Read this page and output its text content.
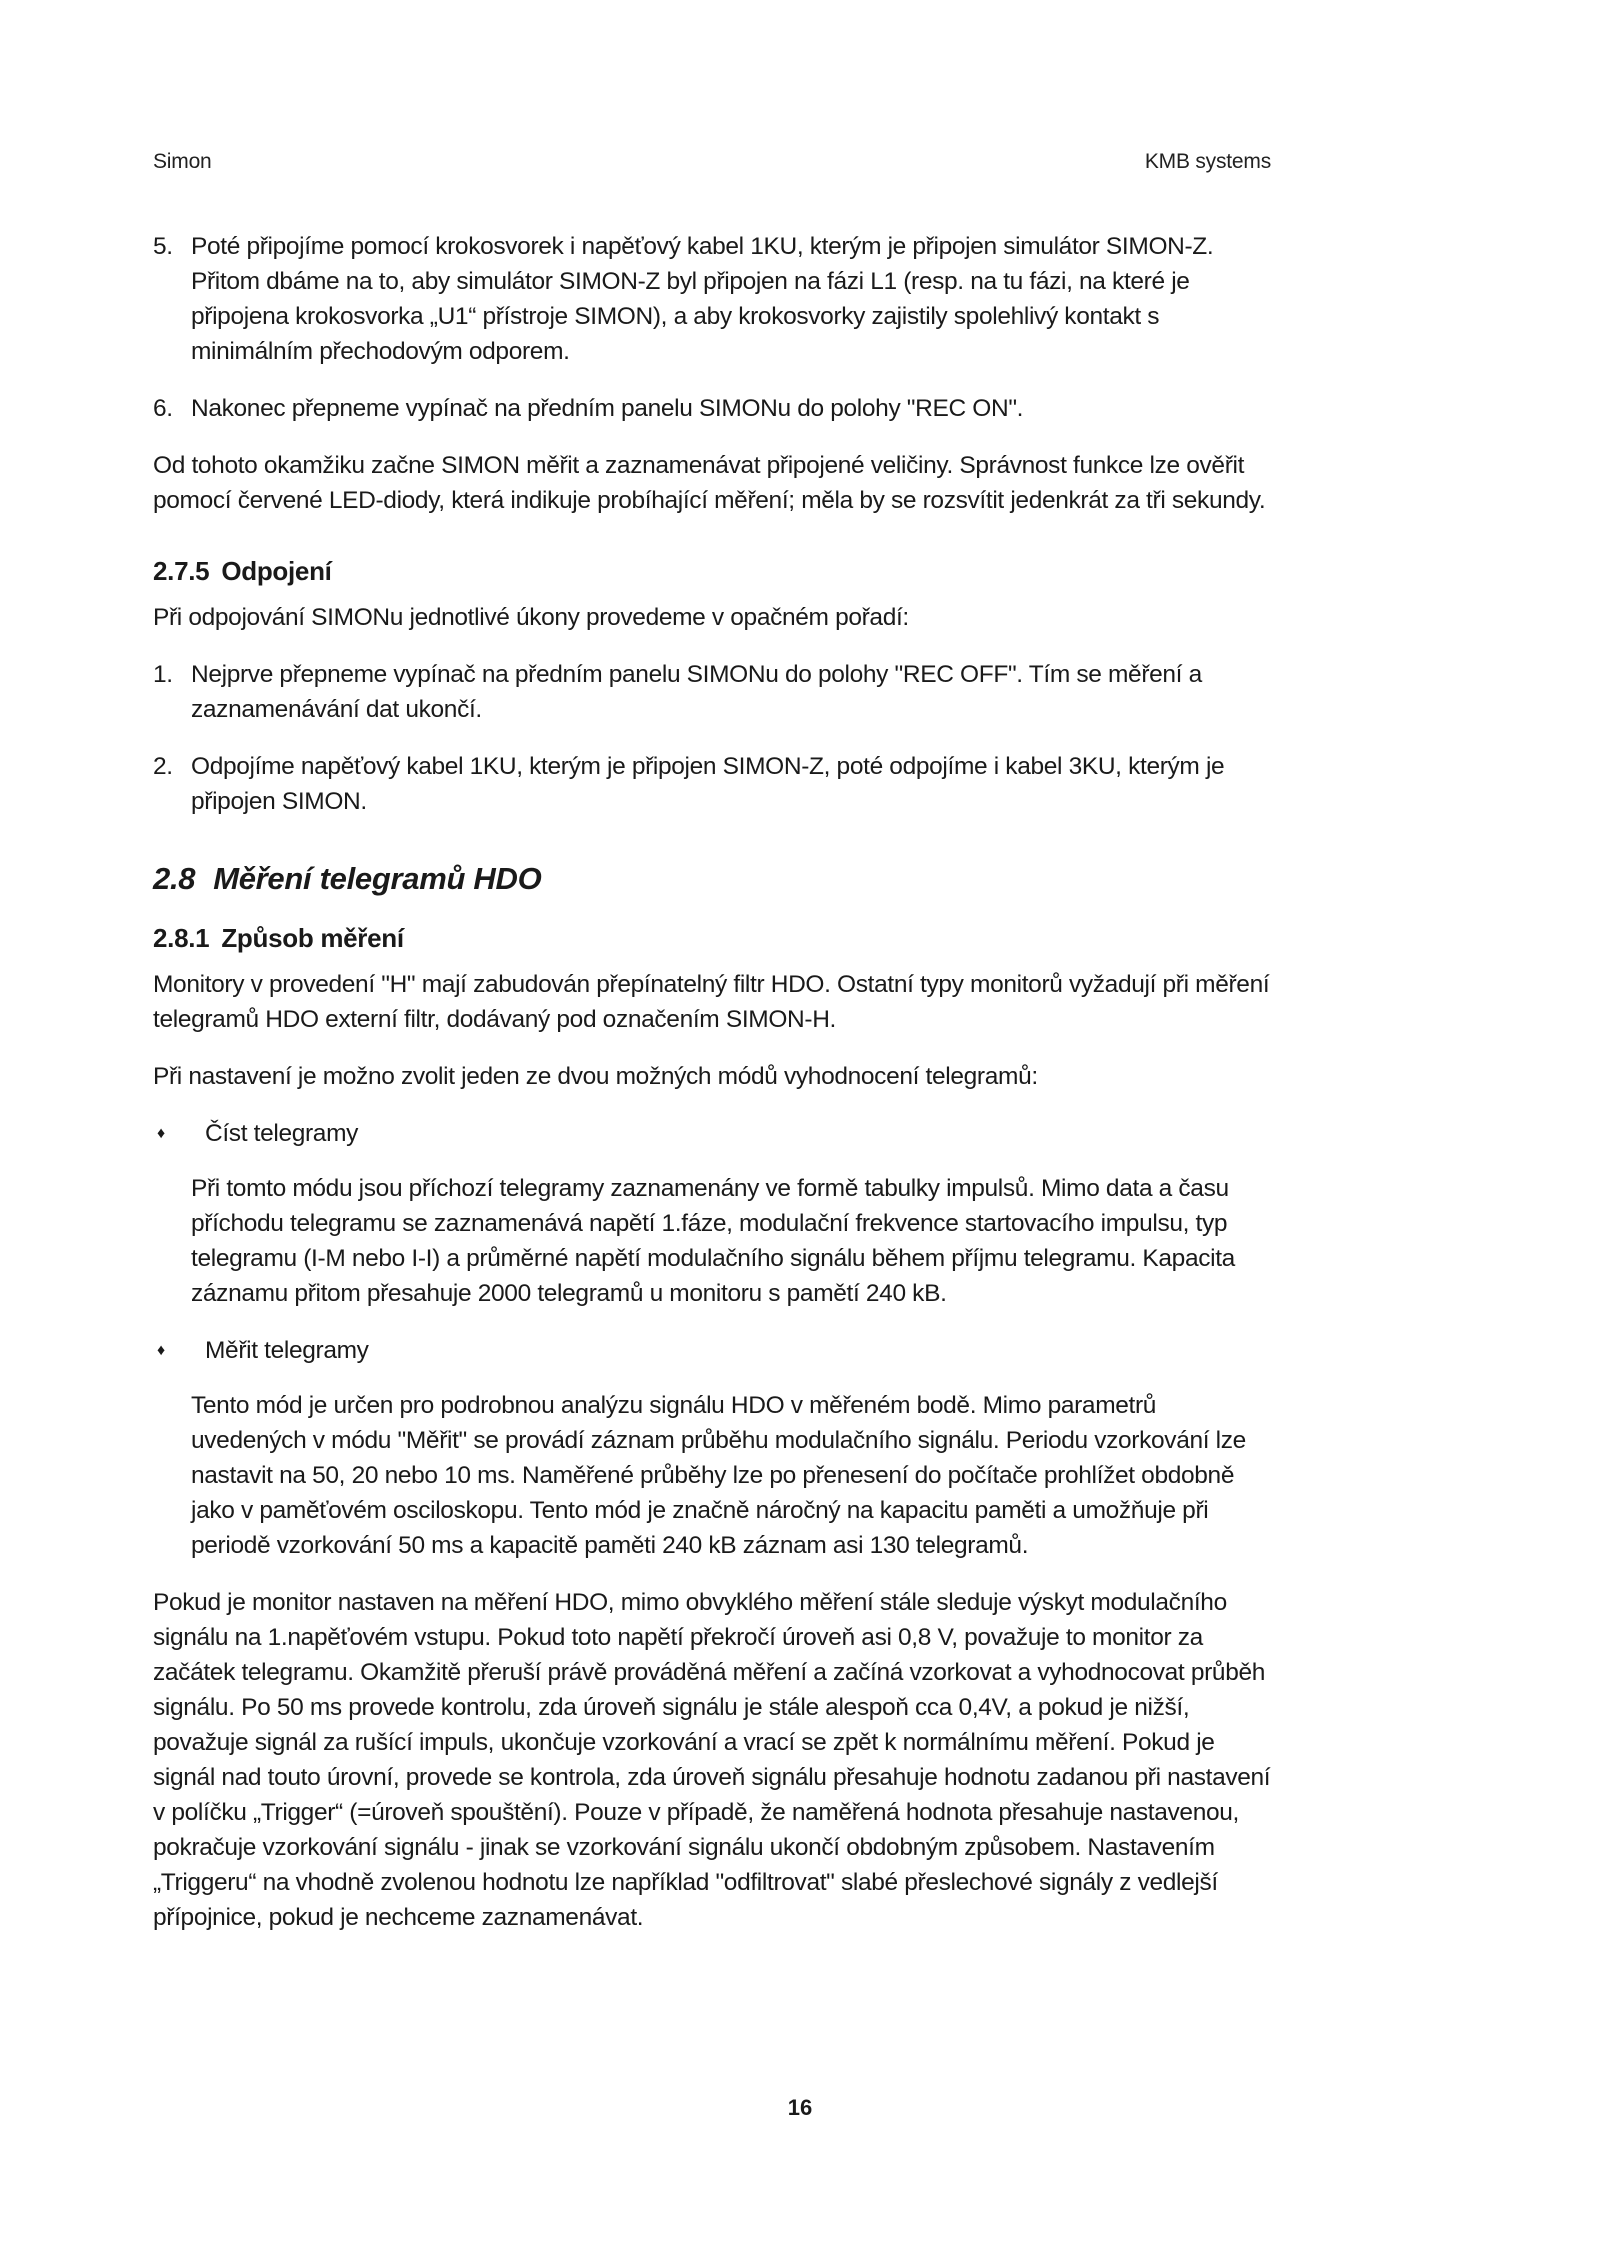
Simon	KMB systems
5. Poté připojíme pomocí krokosvorek i napěťový kabel 1KU, kterým je připojen simulátor SIMON-Z. Přitom dbáme na to, aby simulátor SIMON-Z byl připojen na fázi L1 (resp. na tu fázi, na které je připojena krokosvorka „U1“ přístroje SIMON), a aby krokosvorky zajistily spolehlivý kontakt s minimálním přechodovým odporem.
6. Nakonec přepneme vypínač na předním panelu SIMONu do polohy "REC ON".

Od tohoto okamžiku začne SIMON měřit a zaznamenávat připojené veličiny. Správnost funkce lze ověřit pomocí červené LED-diody, která indikuje probíhající měření; měla by se rozsvítit jedenkrát za tři sekundy.

2.7.5 Odpojení

Při odpojování SIMONu jednotlivé úkony provedeme v opačném pořadí:

1. Nejprve přepneme vypínač na předním panelu SIMONu do polohy "REC OFF". Tím se měření a zaznamenávání dat ukončí.
2. Odpojíme napěťový kabel 1KU, kterým je připojen SIMON-Z, poté odpojíme i kabel 3KU, kterým je připojen SIMON.
2.8 Měření telegramů HDO
2.8.1 Způsob měření

Monitory v provedení "H" mají zabudován přepínatelný filtr HDO. Ostatní typy monitorů vyžadují při měření telegramů HDO externí filtr, dodávaný pod označením SIMON-H.

Při nastavení je možno zvolit jeden ze dvou možných módů vyhodnocení telegramů:

♦	Číst telegramy

Při tomto módu jsou příchozí telegramy zaznamenány ve formě tabulky impulsů. Mimo data a času příchodu telegramu se zaznamenává napětí 1.fáze, modulační frekvence startovacího impulsu, typ telegramu (I-M nebo I-I) a průměrné napětí modulačního signálu během příjmu telegramu. Kapacita záznamu přitom přesahuje 2000 telegramů u monitoru s pamětí 240 kB.

♦	Měřit telegramy

Tento mód je určen pro podrobnou analýzu signálu HDO v měřeném bodě. Mimo parametrů uvedených v módu "Měřit" se provádí záznam průběhu modulačního signálu. Periodu vzorkování lze nastavit na 50, 20 nebo 10 ms. Naměřené průběhy lze po přenesení do počítače prohlížet obdobně jako v paměťovém osciloskopu. Tento mód je značně náročný na kapacitu paměti a umožňuje při periodě vzorkování 50 ms a kapacitě paměti 240 kB záznam asi 130 telegramů.

Pokud je monitor nastaven na měření HDO, mimo obvyklého měření stále sleduje výskyt modulačního signálu na 1.napěťovém vstupu. Pokud toto napětí překročí úroveň asi 0,8 V, považuje to monitor za začátek telegramu. Okamžitě přeruší právě prováděná měření a začíná vzorkovat a vyhodnocovat průběh signálu. Po 50 ms provede kontrolu, zda úroveň signálu je stále alespoň cca 0,4V, a pokud je nižší, považuje signál za rušící impuls, ukončuje vzorkování a vrací se zpět k normálnímu měření. Pokud je signál nad touto úrovní, provede se kontrola, zda úroveň signálu přesahuje hodnotu zadanou při nastavení v políčku „Trigger“ (=úroveň spouštění). Pouze v případě, že naměřená hodnota přesahuje nastavenou, pokračuje vzorkování signálu - jinak se vzorkování signálu ukončí obdobným způsobem. Nastavením „Triggeru“ na vhodně zvolenou hodnotu lze například "odfiltrovat" slabé přeslechové signály z vedlejší přípojnice, pokud je nechceme zaznamenávat.

16
